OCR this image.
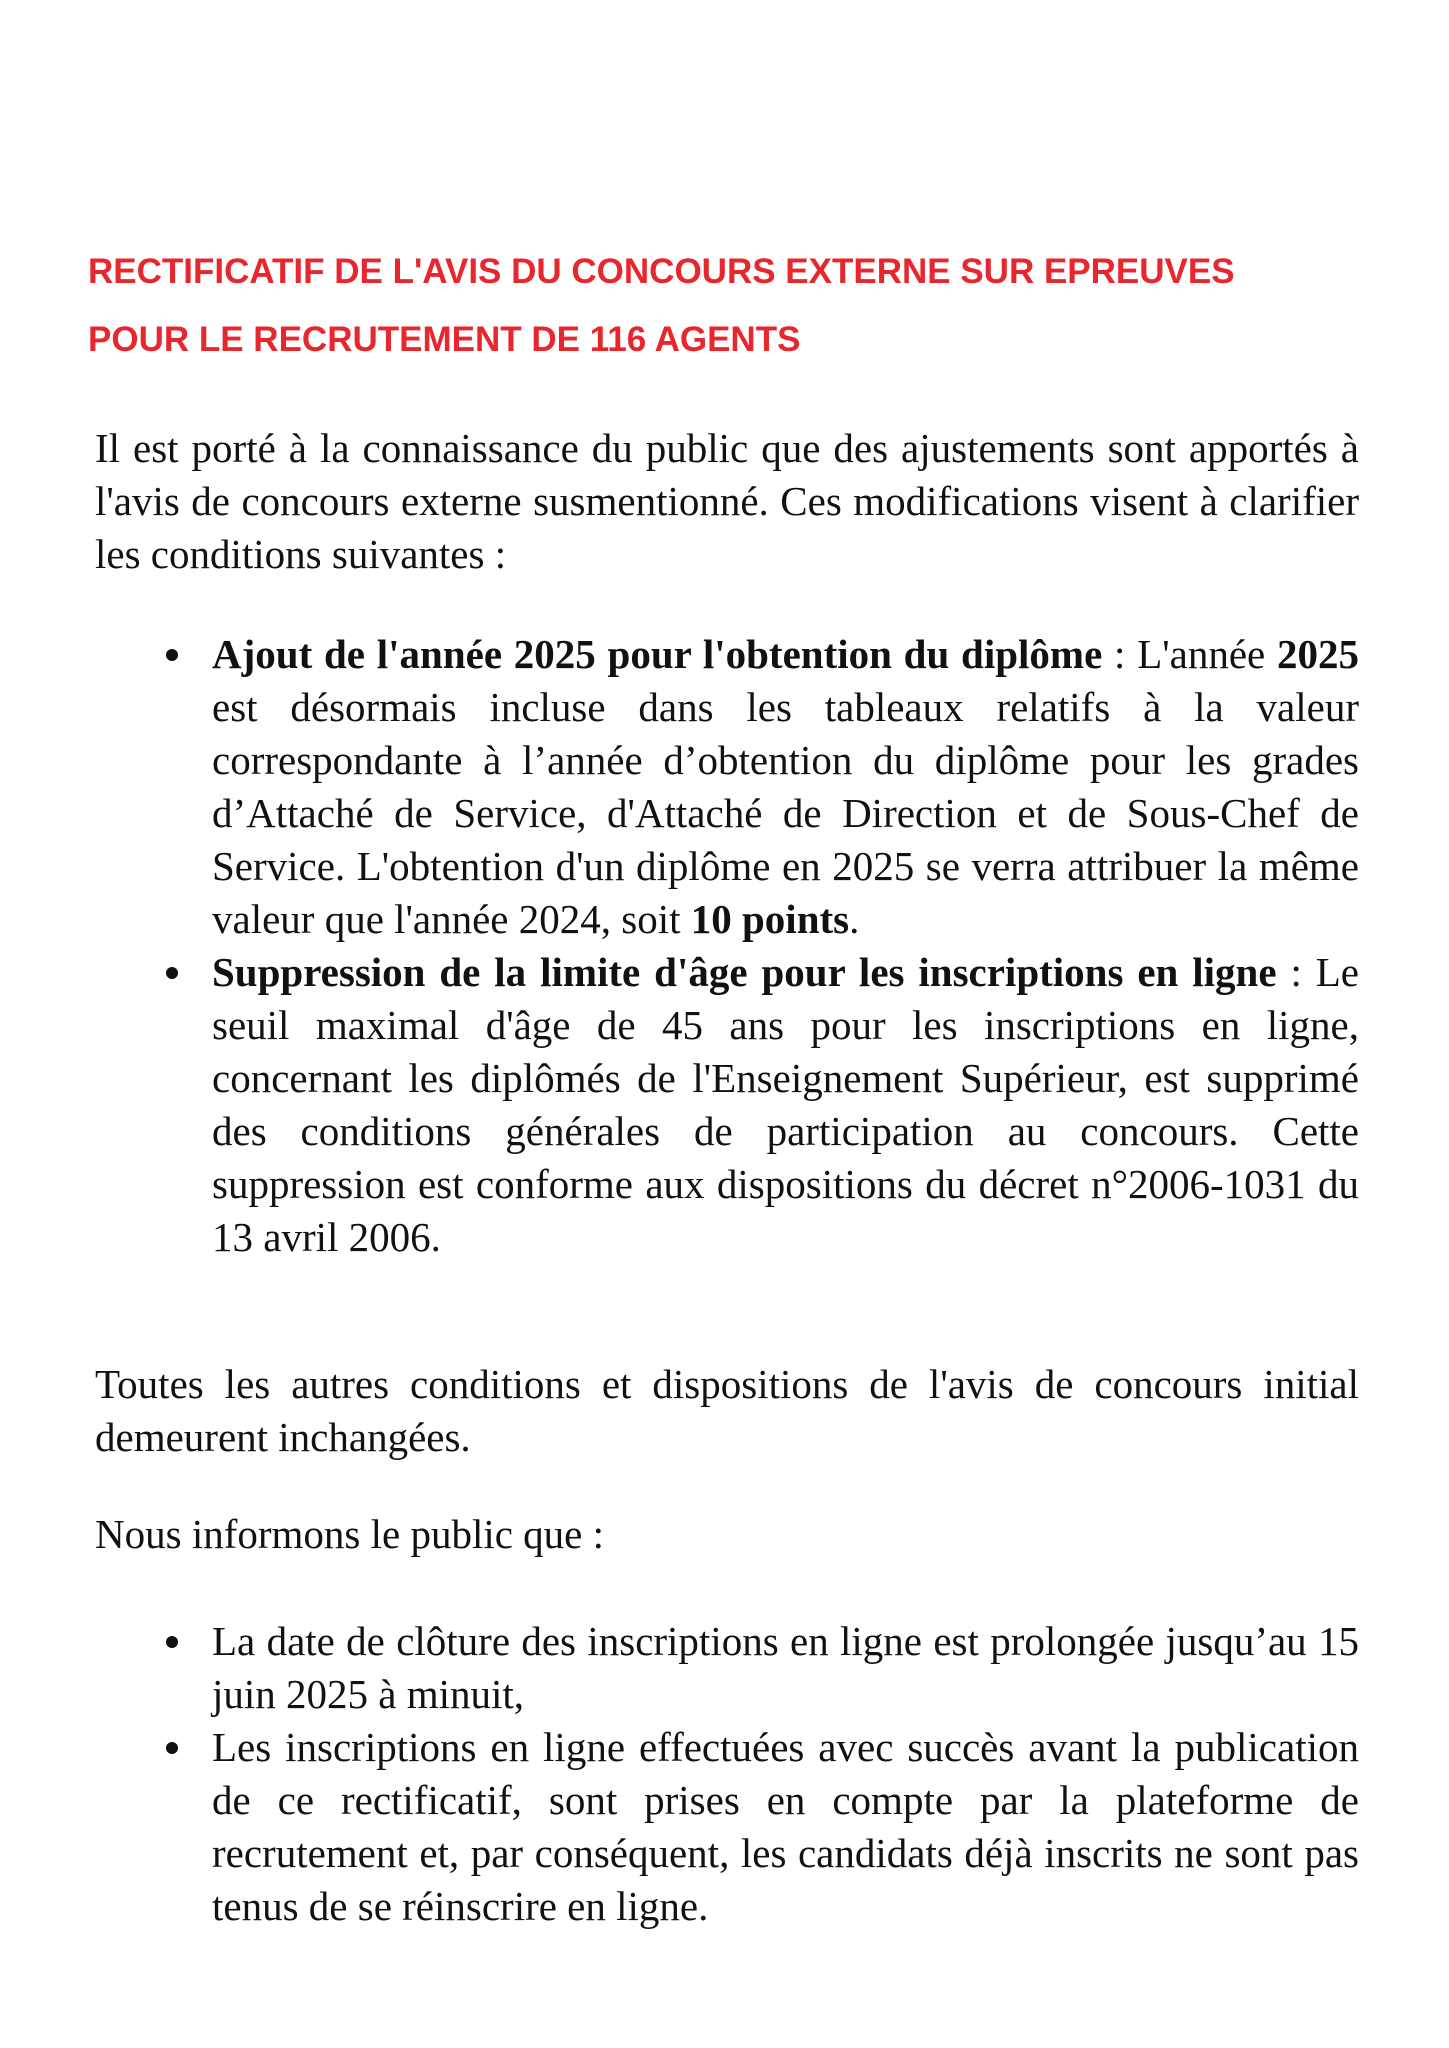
RECTIFICATIF DE L'AVIS DU CONCOURS EXTERNE SUR EPREUVES
POUR LE RECRUTEMENT DE 116 AGENTS

Il est porté à la connaissance du public que des ajustements sont apportés à l'avis de concours externe susmentionné. Ces modifications visent à clarifier les conditions suivantes :

Ajout de l'année 2025 pour l'obtention du diplôme : L'année 2025 est désormais incluse dans les tableaux relatifs à la valeur correspondante à l’année d’obtention du diplôme pour les grades d’Attaché de Service, d'Attaché de Direction et de Sous-Chef de Service. L'obtention d'un diplôme en 2025 se verra attribuer la même valeur que l'année 2024, soit 10 points.
Suppression de la limite d'âge pour les inscriptions en ligne : Le seuil maximal d'âge de 45 ans pour les inscriptions en ligne, concernant les diplômés de l'Enseignement Supérieur, est supprimé des conditions générales de participation au concours. Cette suppression est conforme aux dispositions du décret n°2006-1031 du 13 avril 2006.

Toutes les autres conditions et dispositions de l'avis de concours initial demeurent inchangées.

Nous informons le public que :

La date de clôture des inscriptions en ligne est prolongée jusqu’au 15 juin 2025 à minuit,
Les inscriptions en ligne effectuées avec succès avant la publication de ce rectificatif, sont prises en compte par la plateforme de recrutement et, par conséquent, les candidats déjà inscrits ne sont pas tenus de se réinscrire en ligne.
